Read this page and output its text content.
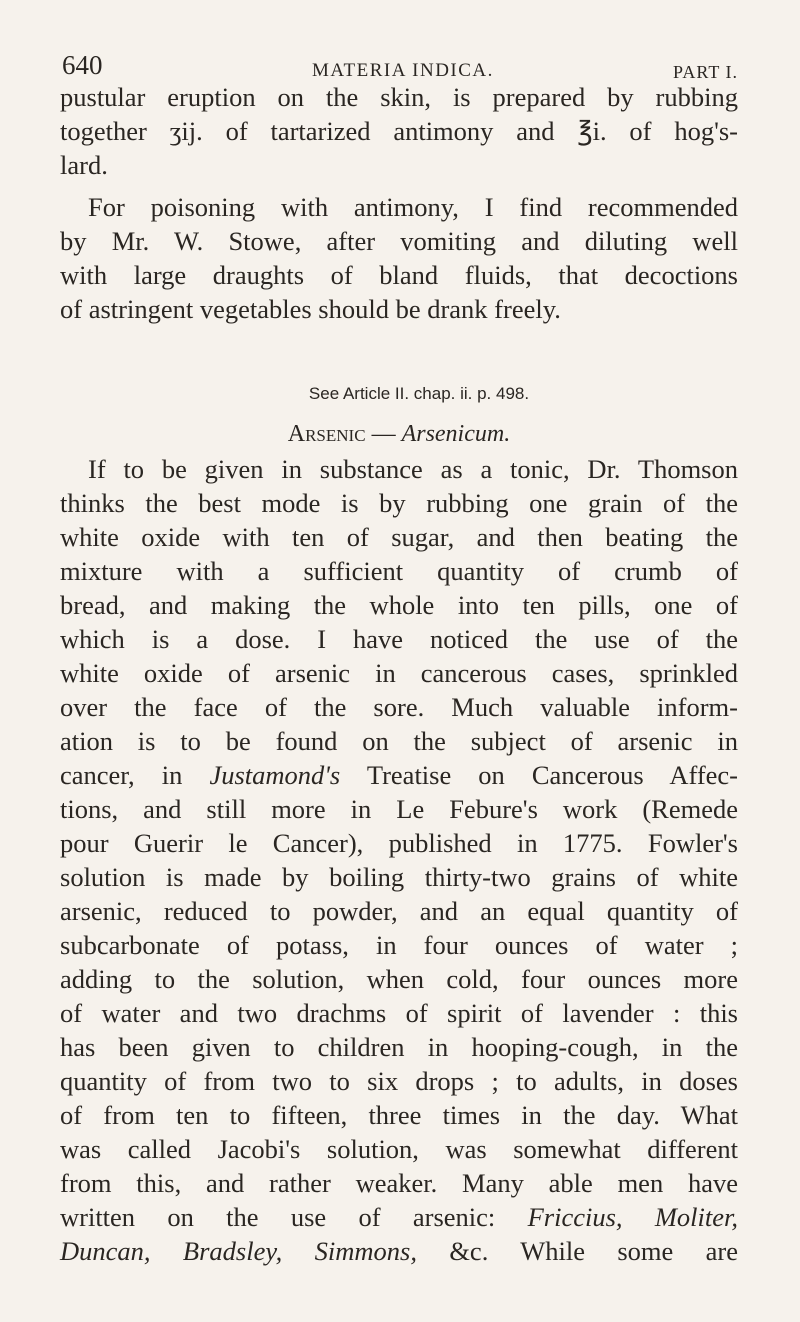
640	MATERIA INDICA.	PART I.
pustular eruption on the skin, is prepared by rubbing
together ʒij. of tartarized antimony and ℥i. of hog's-
lard.
For poisoning with antimony, I find recommended
by Mr. W. Stowe, after vomiting and diluting well
with large draughts of bland fluids, that decoctions
of astringent vegetables should be drank freely.
See Article II. chap. ii. p. 498.
Arsenic — Arsenicum.
If to be given in substance as a tonic, Dr. Thomson
thinks the best mode is by rubbing one grain of the
white oxide with ten of sugar, and then beating the
mixture with a sufficient quantity of crumb of
bread, and making the whole into ten pills, one of
which is a dose. I have noticed the use of the
white oxide of arsenic in cancerous cases, sprinkled
over the face of the sore. Much valuable inform-
ation is to be found on the subject of arsenic in
cancer, in Justamond's Treatise on Cancerous Affec-
tions, and still more in Le Febure's work (Remede
pour Guerir le Cancer), published in 1775. Fowler's
solution is made by boiling thirty-two grains of white
arsenic, reduced to powder, and an equal quantity of
subcarbonate of potass, in four ounces of water ;
adding to the solution, when cold, four ounces more
of water and two drachms of spirit of lavender : this
has been given to children in hooping-cough, in the
quantity of from two to six drops ; to adults, in doses
of from ten to fifteen, three times in the day. What
was called Jacobi's solution, was somewhat different
from this, and rather weaker. Many able men have
written on the use of arsenic: Friccius, Moliter,
Duncan, Bradsley, Simmons, &c. While some are
